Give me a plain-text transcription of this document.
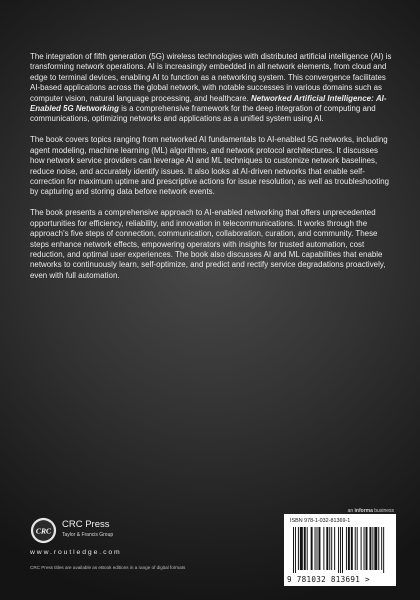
The integration of fifth generation (5G) wireless technologies with distributed artificial intelligence (AI) is transforming network operations. AI is increasingly embedded in all network elements, from cloud and edge to terminal devices, enabling AI to function as a networking system. This convergence facilitates AI-based applications across the global network, with notable successes in various domains such as computer vision, natural language processing, and healthcare. Networked Artificial Intelligence: AI-Enabled 5G Networking is a comprehensive framework for the deep integration of computing and communications, optimizing networks and applications as a unified system using AI.

The book covers topics ranging from networked AI fundamentals to AI-enabled 5G networks, including agent modeling, machine learning (ML) algorithms, and network protocol architectures. It discusses how network service providers can leverage AI and ML techniques to customize network baselines, reduce noise, and accurately identify issues. It also looks at AI-driven networks that enable self-correction for maximum uptime and prescriptive actions for issue resolution, as well as troubleshooting by capturing and storing data before network events.

The book presents a comprehensive approach to AI-enabled networking that offers unprecedented opportunities for efficiency, reliability, and innovation in telecommunications. It works through the approach's five steps of connection, communication, collaboration, curation, and community. These steps enhance network effects, empowering operators with insights for trusted automation, cost reduction, and optimal user experiences. The book also discusses AI and ML capabilities that enable networks to continuously learn, self-optimize, and predict and rectify service degradations proactively, even with full automation.

an informa business
CRC
CRC Press
Taylor & Francis Group
www.routledge.com
CRC Press titles are available as eBook editions in a range of digital formats
ISBN 978-1-032-81369-1
9 781032 813691 >
